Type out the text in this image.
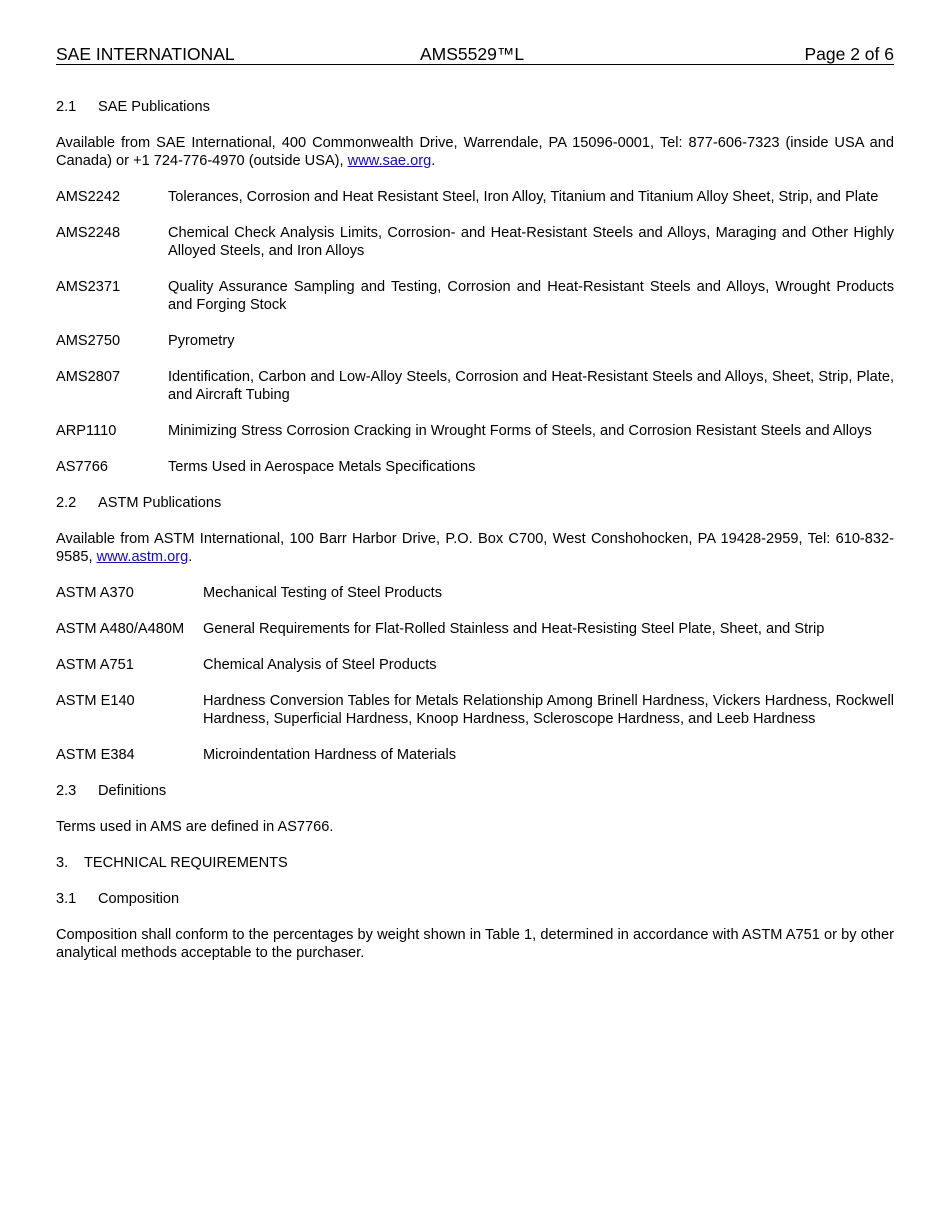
SAE INTERNATIONAL	AMS5529™L	Page 2 of 6
2.1 SAE Publications
Available from SAE International, 400 Commonwealth Drive, Warrendale, PA 15096-0001, Tel: 877-606-7323 (inside USA and Canada) or +1 724-776-4970 (outside USA), www.sae.org.
AMS2242	Tolerances, Corrosion and Heat Resistant Steel, Iron Alloy, Titanium and Titanium Alloy Sheet, Strip, and Plate
AMS2248	Chemical Check Analysis Limits, Corrosion- and Heat-Resistant Steels and Alloys, Maraging and Other Highly Alloyed Steels, and Iron Alloys
AMS2371	Quality Assurance Sampling and Testing, Corrosion and Heat-Resistant Steels and Alloys, Wrought Products and Forging Stock
AMS2750	Pyrometry
AMS2807	Identification, Carbon and Low-Alloy Steels, Corrosion and Heat-Resistant Steels and Alloys, Sheet, Strip, Plate, and Aircraft Tubing
ARP1110	Minimizing Stress Corrosion Cracking in Wrought Forms of Steels, and Corrosion Resistant Steels and Alloys
AS7766	Terms Used in Aerospace Metals Specifications
2.2 ASTM Publications
Available from ASTM International, 100 Barr Harbor Drive, P.O. Box C700, West Conshohocken, PA 19428-2959, Tel: 610-832-9585, www.astm.org.
ASTM A370	Mechanical Testing of Steel Products
ASTM A480/A480M	General Requirements for Flat-Rolled Stainless and Heat-Resisting Steel Plate, Sheet, and Strip
ASTM A751	Chemical Analysis of Steel Products
ASTM E140	Hardness Conversion Tables for Metals Relationship Among Brinell Hardness, Vickers Hardness, Rockwell Hardness, Superficial Hardness, Knoop Hardness, Scleroscope Hardness, and Leeb Hardness
ASTM E384	Microindentation Hardness of Materials
2.3 Definitions
Terms used in AMS are defined in AS7766.
3. TECHNICAL REQUIREMENTS
3.1 Composition
Composition shall conform to the percentages by weight shown in Table 1, determined in accordance with ASTM A751 or by other analytical methods acceptable to the purchaser.
